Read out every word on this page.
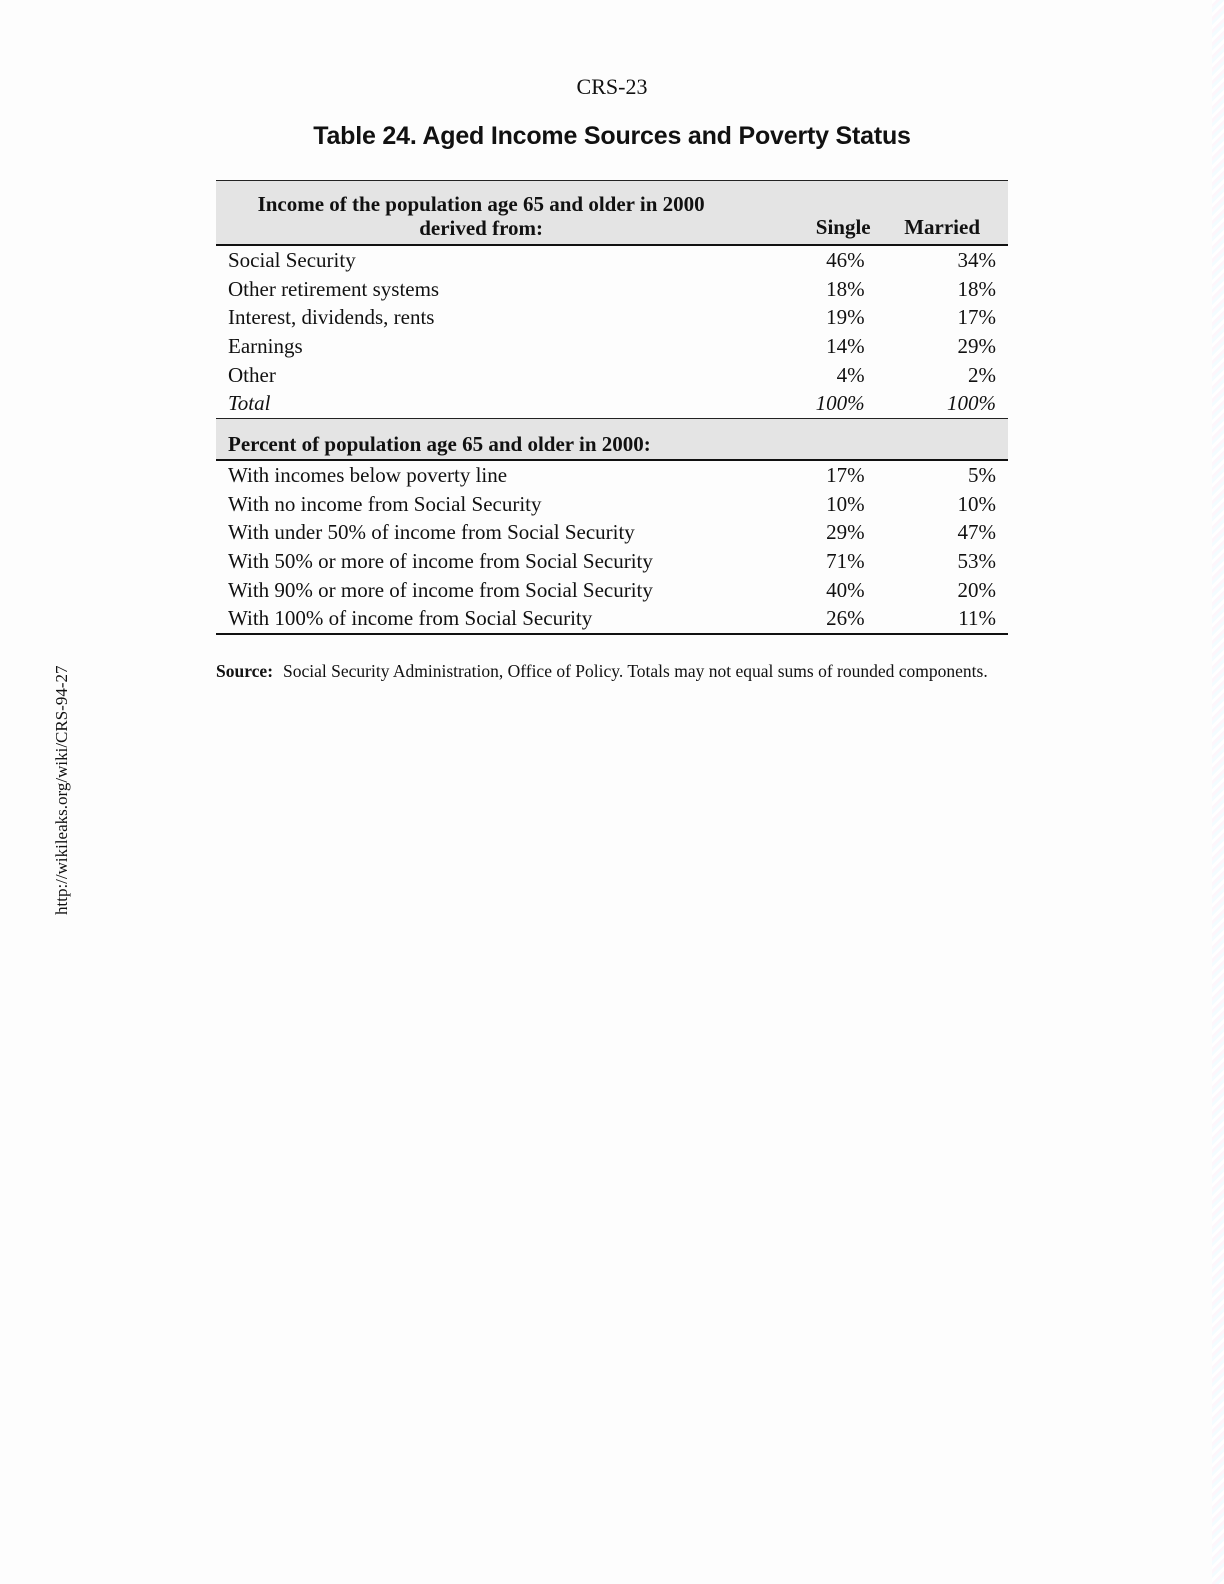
CRS-23
Table 24. Aged Income Sources and Poverty Status
http://wikileaks.org/wiki/CRS-94-27
Income of the population age 65 and older in 2000
derived from:	Single	Married
Social Security	46%	34%
Other retirement systems	18%	18%
Interest, dividends, rents	19%	17%
Earnings	14%	29%
Other	4%	2%
Total	100%	100%
Percent of population age 65 and older in 2000:		
With incomes below poverty line	17%	5%
With no income from Social Security	10%	10%
With under 50% of income from Social Security	29%	47%
With 50% or more of income from Social Security	71%	53%
With 90% or more of income from Social Security	40%	20%
With 100% of income from Social Security	26%	11%
Source: Social Security Administration, Office of Policy. Totals may not equal sums of rounded components.
